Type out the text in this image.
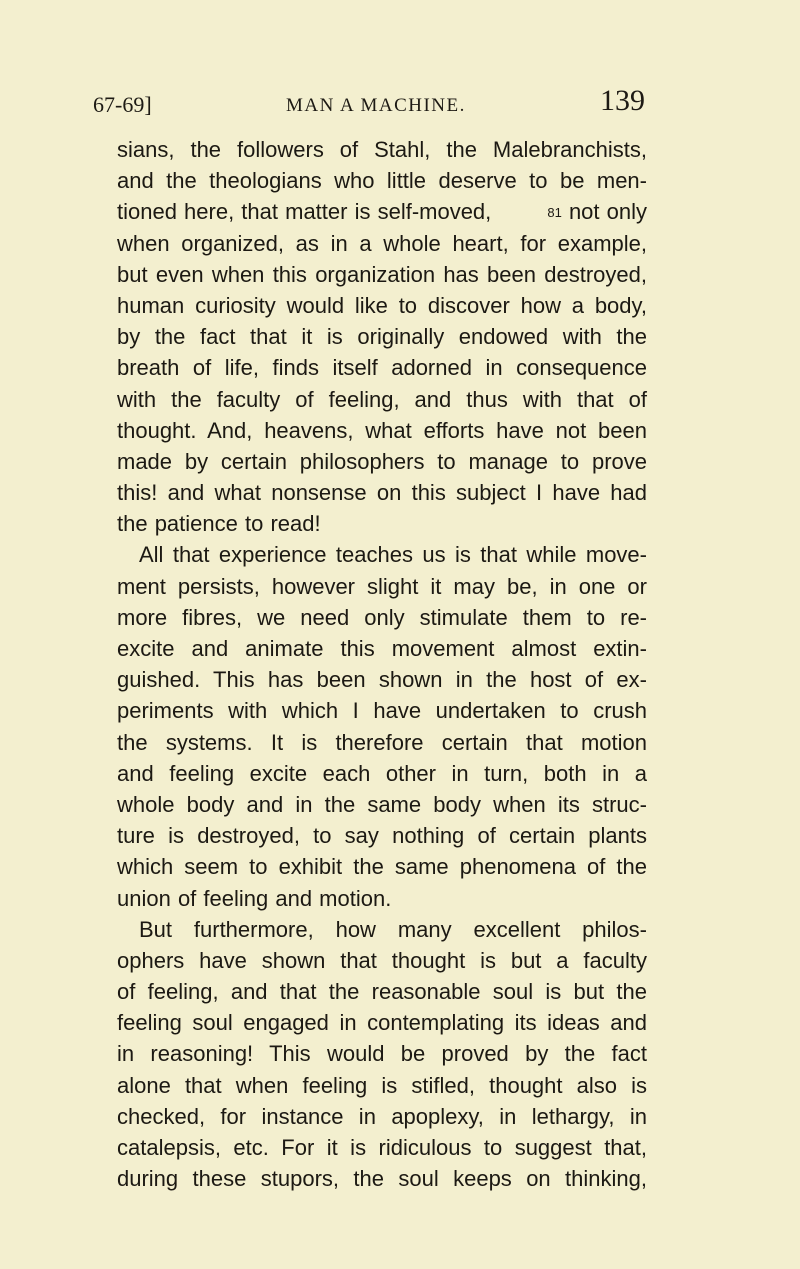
67-69]	MAN A MACHINE.	139
sians, the followers of Stahl, the Malebranchists,
and the theologians who little deserve to be men-
tioned here, that matter is self-moved,	$^{81}$ not only
when organized, as in a whole heart, for example,
but even when this organization has been destroyed,
human curiosity would like to discover how a body,
by the fact that it is originally endowed with the
breath of life, finds itself adorned in consequence
with the faculty of feeling, and thus with that of
thought. And, heavens, what efforts have not been
made by certain philosophers to manage to prove
this! and what nonsense on this subject I have had
the patience to read!
All that experience teaches us is that while move-
ment persists, however slight it may be, in one or
more fibres, we need only stimulate them to re-
excite and animate this movement almost extin-
guished. This has been shown in the host of ex-
periments with which I have undertaken to crush
the systems. It is therefore certain that motion
and feeling excite each other in turn, both in a
whole body and in the same body when its struc-
ture is destroyed, to say nothing of certain plants
which seem to exhibit the same phenomena of the
union of feeling and motion.
But furthermore, how many excellent philos-
ophers have shown that thought is but a faculty
of feeling, and that the reasonable soul is but the
feeling soul engaged in contemplating its ideas and
in reasoning! This would be proved by the fact
alone that when feeling is stifled, thought also is
checked, for instance in apoplexy, in lethargy, in
catalepsis, etc. For it is ridiculous to suggest that,
during these stupors, the soul keeps on thinking,
